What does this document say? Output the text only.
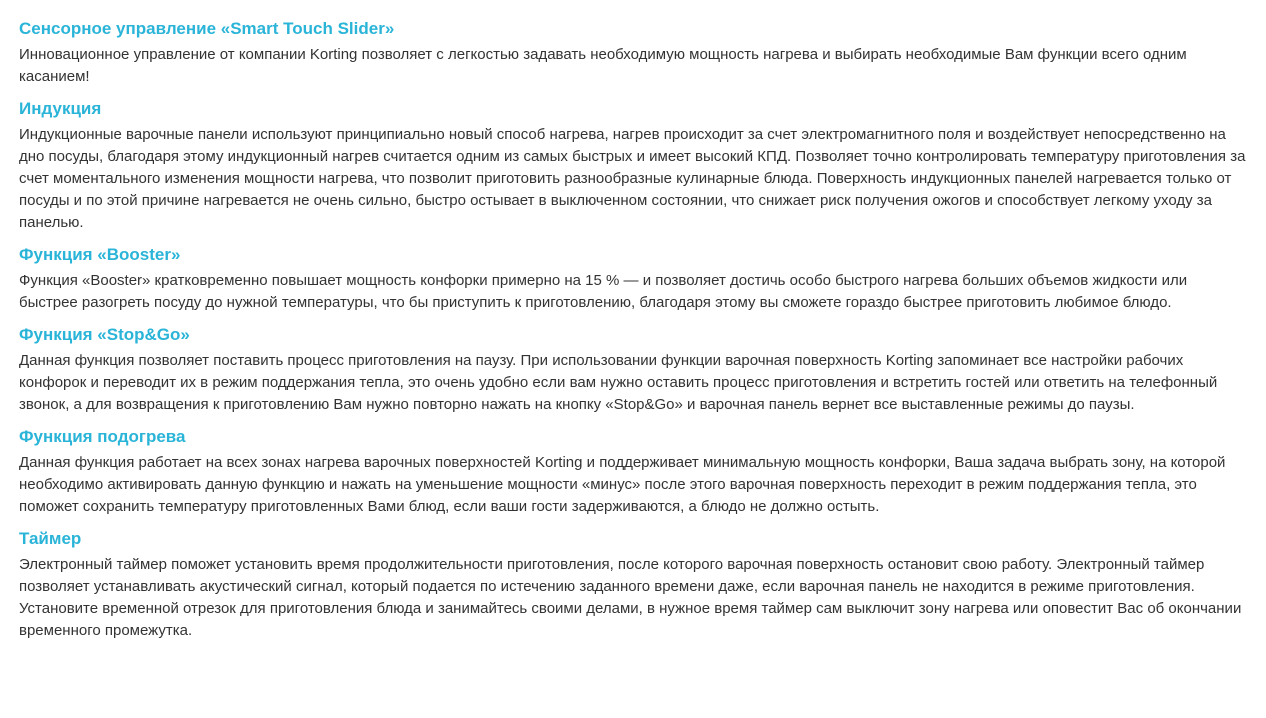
Сенсорное управление «Smart Touch Slider»

Инновационное управление от компании Korting позволяет с легкостью задавать необходимую мощность нагрева и выбирать необходимые Вам функции всего одним касанием!

Индукция

Индукционные варочные панели используют принципиально новый способ нагрева, нагрев происходит за счет электромагнитного поля и воздействует непосредственно на дно посуды, благодаря этому индукционный нагрев считается одним из самых быстрых и имеет высокий КПД. Позволяет точно контролировать температуру приготовления за счет моментального изменения мощности нагрева, что позволит приготовить разнообразные кулинарные блюда. Поверхность индукционных панелей нагревается только от посуды и по этой причине нагревается не очень сильно, быстро остывает в выключенном состоянии, что снижает риск получения ожогов и способствует легкому уходу за панелью.

Функция «Booster»

Функция «Booster» кратковременно повышает мощность конфорки примерно на 15 % — и позволяет достичь особо быстрого нагрева больших объемов жидкости или быстрее разогреть посуду до нужной температуры, что бы приступить к приготовлению, благодаря этому вы сможете гораздо быстрее приготовить любимое блюдо.

Функция «Stop&Go»

Данная функция позволяет поставить процесс приготовления на паузу. При использовании функции варочная поверхность Korting запоминает все настройки рабочих конфорок и переводит их в режим поддержания тепла, это очень удобно если вам нужно оставить процесс приготовления и встретить гостей или ответить на телефонный звонок, а для возвращения к приготовлению Вам нужно повторно нажать на кнопку «Stop&Go» и варочная панель вернет все выставленные режимы до паузы.

Функция подогрева

Данная функция работает на всех зонах нагрева варочных поверхностей Korting и поддерживает минимальную мощность конфорки, Ваша задача выбрать зону, на которой необходимо активировать данную функцию и нажать на уменьшение мощности «минус» после этого варочная поверхность переходит в режим поддержания тепла, это поможет сохранить температуру приготовленных Вами блюд, если ваши гости задерживаются, а блюдо не должно остыть.

Таймер

Электронный таймер поможет установить время продолжительности приготовления, после которого варочная поверхность остановит свою работу. Электронный таймер позволяет устанавливать акустический сигнал, который подается по истечению заданного времени даже, если варочная панель не находится в режиме приготовления. Установите временной отрезок для приготовления блюда и занимайтесь своими делами, в нужное время таймер сам выключит зону нагрева или оповестит Вас об окончании временного промежутка.
